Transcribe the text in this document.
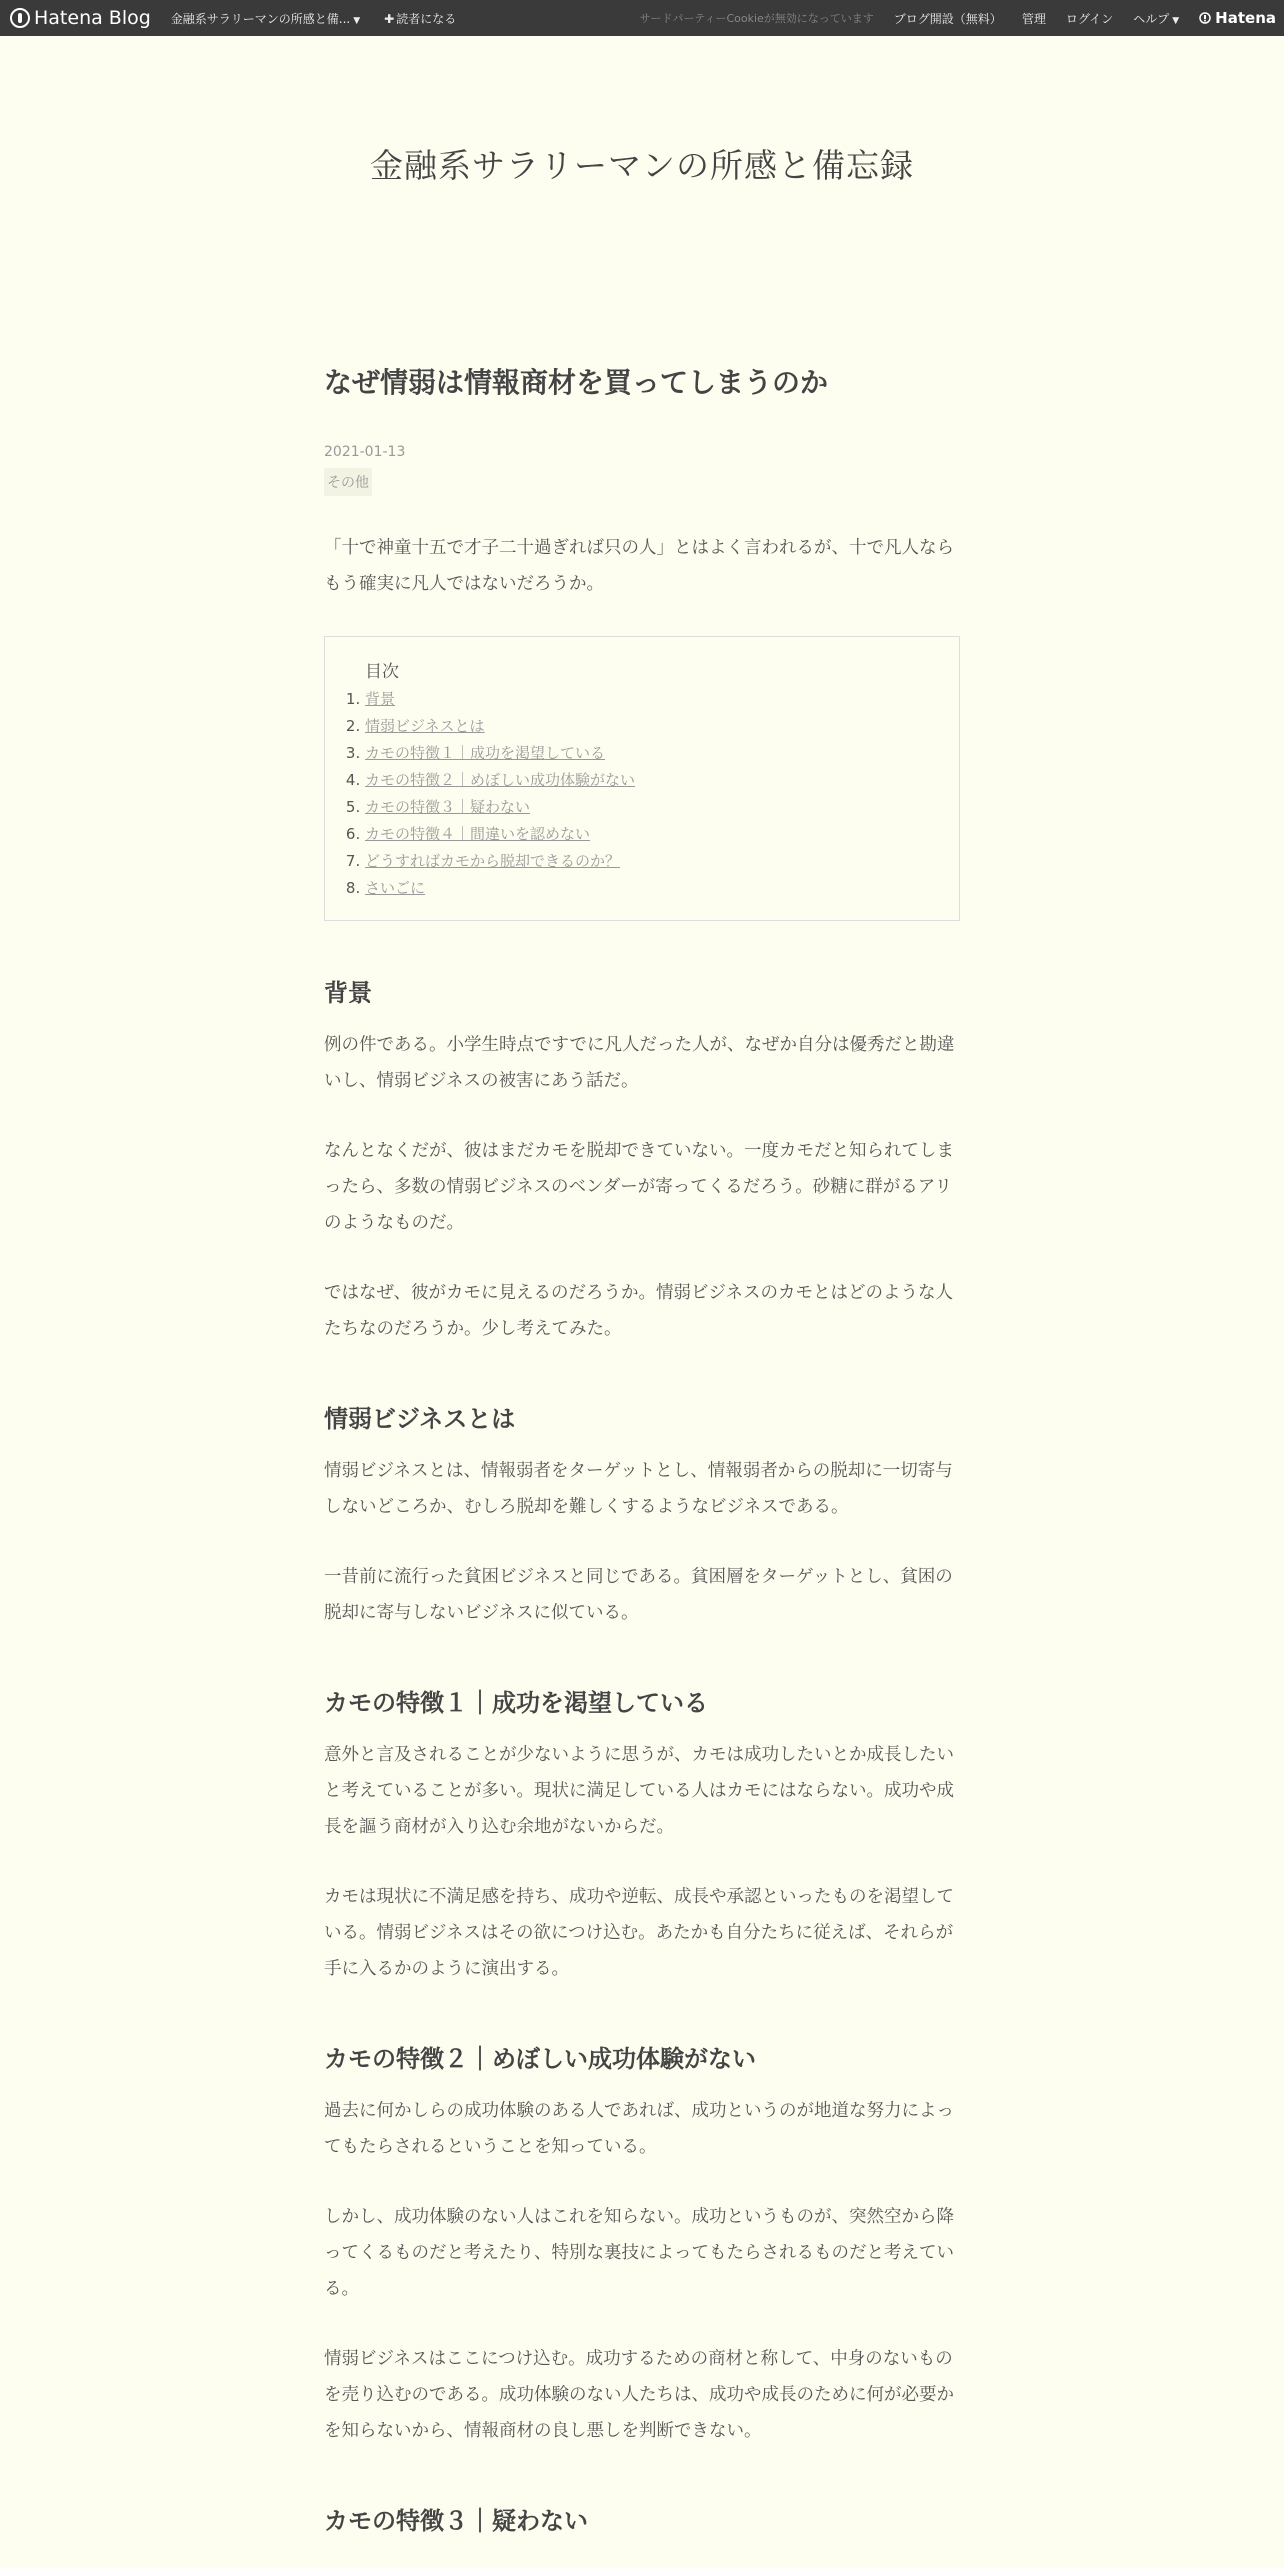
Hatena Blog 金融系サラリーマンの所感と備... ▼ ✚ 読者になる	サードパーティーCookieが無効になっています ブログ開設（無料） 管理 ログイン ヘルプ ▼ Hatena
金融系サラリーマンの所感と備忘録
なぜ情弱は情報商材を買ってしまうのか
2021-01-13
その他

「十で神童十五で才子二十過ぎれば只の人」とはよく言われるが、十で凡人ならもう確実に凡人ではないだろうか。

目次
1. 背景
2. 情弱ビジネスとは
3. カモの特徴１｜成功を渇望している
4. カモの特徴２｜めぼしい成功体験がない
5. カモの特徴３｜疑わない
6. カモの特徴４｜間違いを認めない
7. どうすればカモから脱却できるのか？
8. さいごに
背景

例の件である。小学生時点ですでに凡人だった人が、なぜか自分は優秀だと勘違いし、情弱ビジネスの被害にあう話だ。

なんとなくだが、彼はまだカモを脱却できていない。一度カモだと知られてしまったら、多数の情弱ビジネスのベンダーが寄ってくるだろう。砂糖に群がるアリのようなものだ。

ではなぜ、彼がカモに見えるのだろうか。情弱ビジネスのカモとはどのような人たちなのだろうか。少し考えてみた。

情弱ビジネスとは

情弱ビジネスとは、情報弱者をターゲットとし、情報弱者からの脱却に一切寄与しないどころか、むしろ脱却を難しくするようなビジネスである。

一昔前に流行った貧困ビジネスと同じである。貧困層をターゲットとし、貧困の脱却に寄与しないビジネスに似ている。

カモの特徴１｜成功を渇望している

意外と言及されることが少ないように思うが、カモは成功したいとか成長したいと考えていることが多い。現状に満足している人はカモにはならない。成功や成長を謳う商材が入り込む余地がないからだ。

カモは現状に不満足感を持ち、成功や逆転、成長や承認といったものを渇望している。情弱ビジネスはその欲につけ込む。あたかも自分たちに従えば、それらが手に入るかのように演出する。

カモの特徴２｜めぼしい成功体験がない

過去に何かしらの成功体験のある人であれば、成功というのが地道な努力によってもたらされるということを知っている。

しかし、成功体験のない人はこれを知らない。成功というものが、突然空から降ってくるものだと考えたり、特別な裏技によってもたらされるものだと考えている。

情弱ビジネスはここにつけ込む。成功するための商材と称して、中身のないものを売り込むのである。成功体験のない人たちは、成功や成長のために何が必要かを知らないから、情報商材の良し悪しを判断できない。

カモの特徴３｜疑わない
